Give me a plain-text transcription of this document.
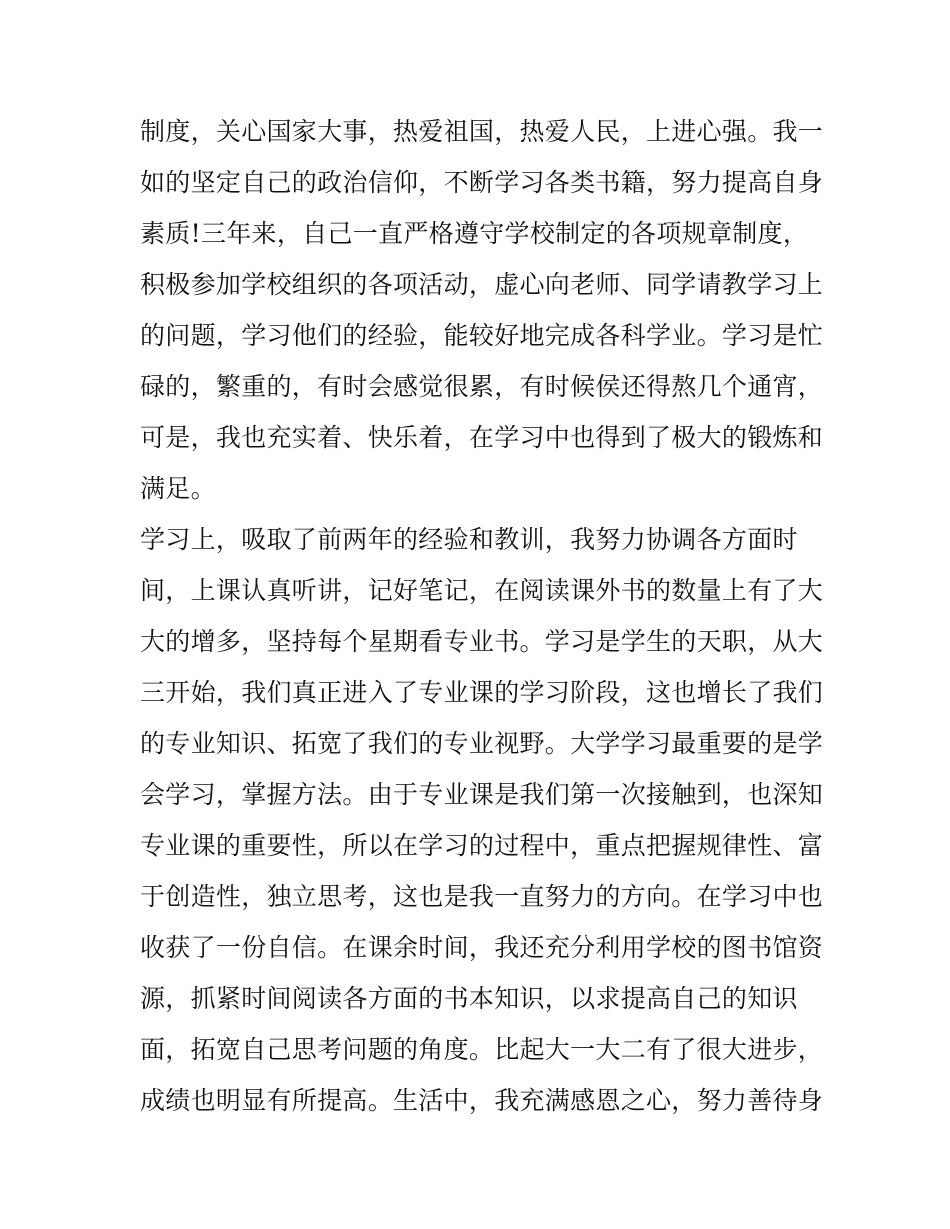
制度，关心国家大事，热爱祖国，热爱人民，上进心强。我一
如的坚定自己的政治信仰，不断学习各类书籍，努力提高自身
素质!三年来，自己一直严格遵守学校制定的各项规章制度，
积极参加学校组织的各项活动，虚心向老师、同学请教学习上
的问题，学习他们的经验，能较好地完成各科学业。学习是忙
碌的，繁重的，有时会感觉很累，有时候侯还得熬几个通宵，
可是，我也充实着、快乐着，在学习中也得到了极大的锻炼和
满足。
学习上，吸取了前两年的经验和教训，我努力协调各方面时
间，上课认真听讲，记好笔记，在阅读课外书的数量上有了大
大的增多，坚持每个星期看专业书。学习是学生的天职，从大
三开始，我们真正进入了专业课的学习阶段，这也增长了我们
的专业知识、拓宽了我们的专业视野。大学学习最重要的是学
会学习，掌握方法。由于专业课是我们第一次接触到，也深知
专业课的重要性，所以在学习的过程中，重点把握规律性、富
于创造性，独立思考，这也是我一直努力的方向。在学习中也
收获了一份自信。在课余时间，我还充分利用学校的图书馆资
源，抓紧时间阅读各方面的书本知识，以求提高自己的知识
面，拓宽自己思考问题的角度。比起大一大二有了很大进步，
成绩也明显有所提高。生活中，我充满感恩之心，努力善待身
